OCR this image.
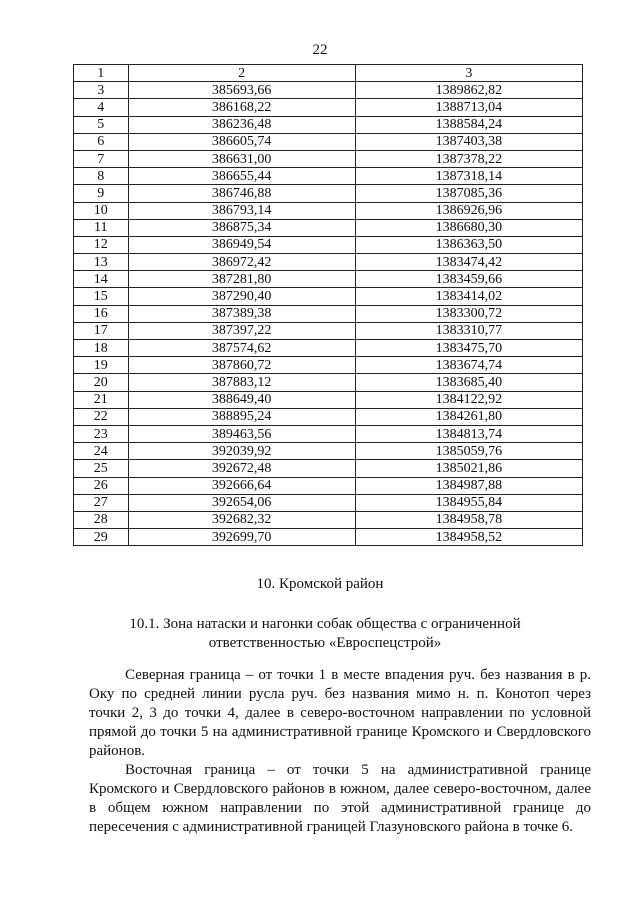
22
1	2	3
3	385693,66	1389862,82
4	386168,22	1388713,04
5	386236,48	1388584,24
6	386605,74	1387403,38
7	386631,00	1387378,22
8	386655,44	1387318,14
9	386746,88	1387085,36
10	386793,14	1386926,96
11	386875,34	1386680,30
12	386949,54	1386363,50
13	386972,42	1383474,42
14	387281,80	1383459,66
15	387290,40	1383414,02
16	387389,38	1383300,72
17	387397,22	1383310,77
18	387574,62	1383475,70
19	387860,72	1383674,74
20	387883,12	1383685,40
21	388649,40	1384122,92
22	388895,24	1384261,80
23	389463,56	1384813,74
24	392039,92	1385059,76
25	392672,48	1385021,86
26	392666,64	1384987,88
27	392654,06	1384955,84
28	392682,32	1384958,78
29	392699,70	1384958,52
10. Кромской район
10.1. Зона натаски и нагонки собак общества с ограниченной
ответственностью «Евроспецстрой»

Северная граница – от точки 1 в месте впадения руч. без названия в р. Оку по средней линии русла руч. без названия мимо н. п. Конотоп через точки 2, 3 до точки 4, далее в северо-восточном направлении по условной прямой до точки 5 на административной границе Кромского и Свердловского районов.

Восточная граница – от точки 5 на административной границе Кромского и Свердловского районов в южном, далее северо-восточном, далее в общем южном направлении по этой административной границе до пересечения с административной границей Глазуновского района в точке 6.
